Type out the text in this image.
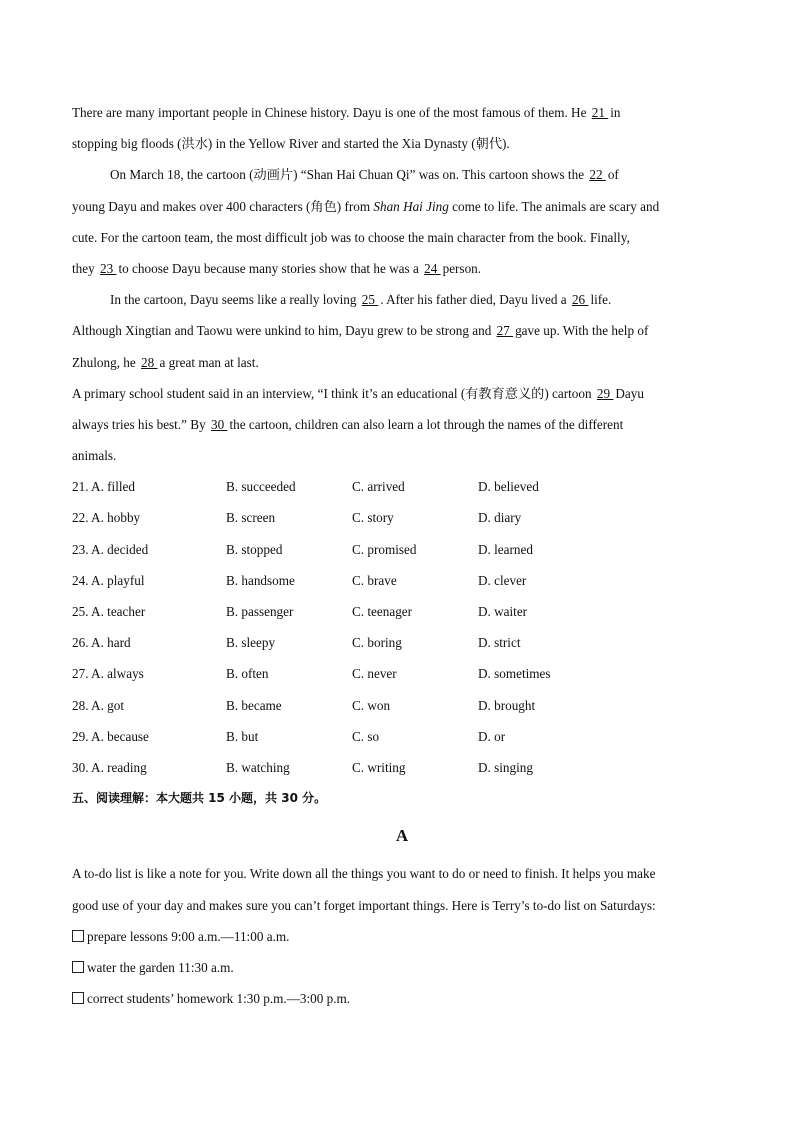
There are many important people in Chinese history. Dayu is one of the most famous of them. He 21 in
stopping big floods (洪水) in the Yellow River and started the Xia Dynasty (朝代).
On March 18, the cartoon (动画片) “Shan Hai Chuan Qi” was on. This cartoon shows the 22 of
young Dayu and makes over 400 characters (角色) from Shan Hai Jing come to life. The animals are scary and
cute. For the cartoon team, the most difficult job was to choose the main character from the book. Finally,
they 23 to choose Dayu because many stories show that he was a 24 person.
In the cartoon, Dayu seems like a really loving 25 . After his father died, Dayu lived a 26 life.
Although Xingtian and Taowu were unkind to him, Dayu grew to be strong and 27 gave up. With the help of
Zhulong, he 28 a great man at last.
A primary school student said in an interview, “I think it’s an educational (有教育意义的) cartoon 29 Dayu
always tries his best.” By 30 the cartoon, children can also learn a lot through the names of the different
animals.
21. A. filled	B. succeeded	C. arrived	D. believed
22. A. hobby	B. screen	C. story	D. diary
23. A. decided	B. stopped	C. promised	D. learned
24. A. playful	B. handsome	C. brave	D. clever
25. A. teacher	B. passenger	C. teenager	D. waiter
26. A. hard	B. sleepy	C. boring	D. strict
27. A. always	B. often	C. never	D. sometimes
28. A. got	B. became	C. won	D. brought
29. A. because	B. but	C. so	D. or
30. A. reading	B. watching	C. writing	D. singing
五、阅读理解：本大题共 15 小题，共 30 分。
A
A to-do list is like a note for you. Write down all the things you want to do or need to finish. It helps you make
good use of your day and makes sure you can’t forget important things. Here is Terry’s to-do list on Saturdays:
prepare lessons 9:00 a.m.—11:00 a.m.
water the garden 11:30 a.m.
correct students’ homework 1:30 p.m.—3:00 p.m.
